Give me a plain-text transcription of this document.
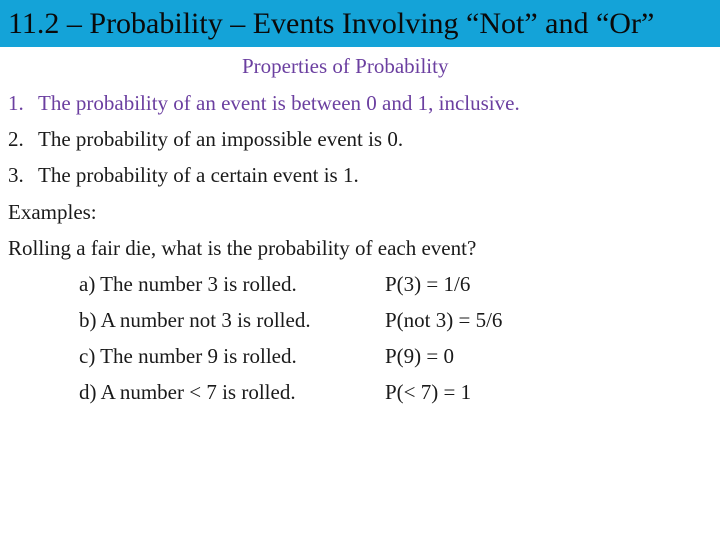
11.2 – Probability – Events Involving “Not” and “Or”
Properties of Probability
1. The probability of an event is between 0 and 1, inclusive.
2. The probability of an impossible event is 0.
3. The probability of a certain event is 1.
Examples:
Rolling a fair die, what is the probability of each event?
a) The number 3 is rolled.	P(3) = 1/6
b) A number not 3 is rolled.	P(not 3) = 5/6
c) The number 9 is rolled.	P(9) = 0
d) A number < 7 is rolled.	P(< 7) = 1
